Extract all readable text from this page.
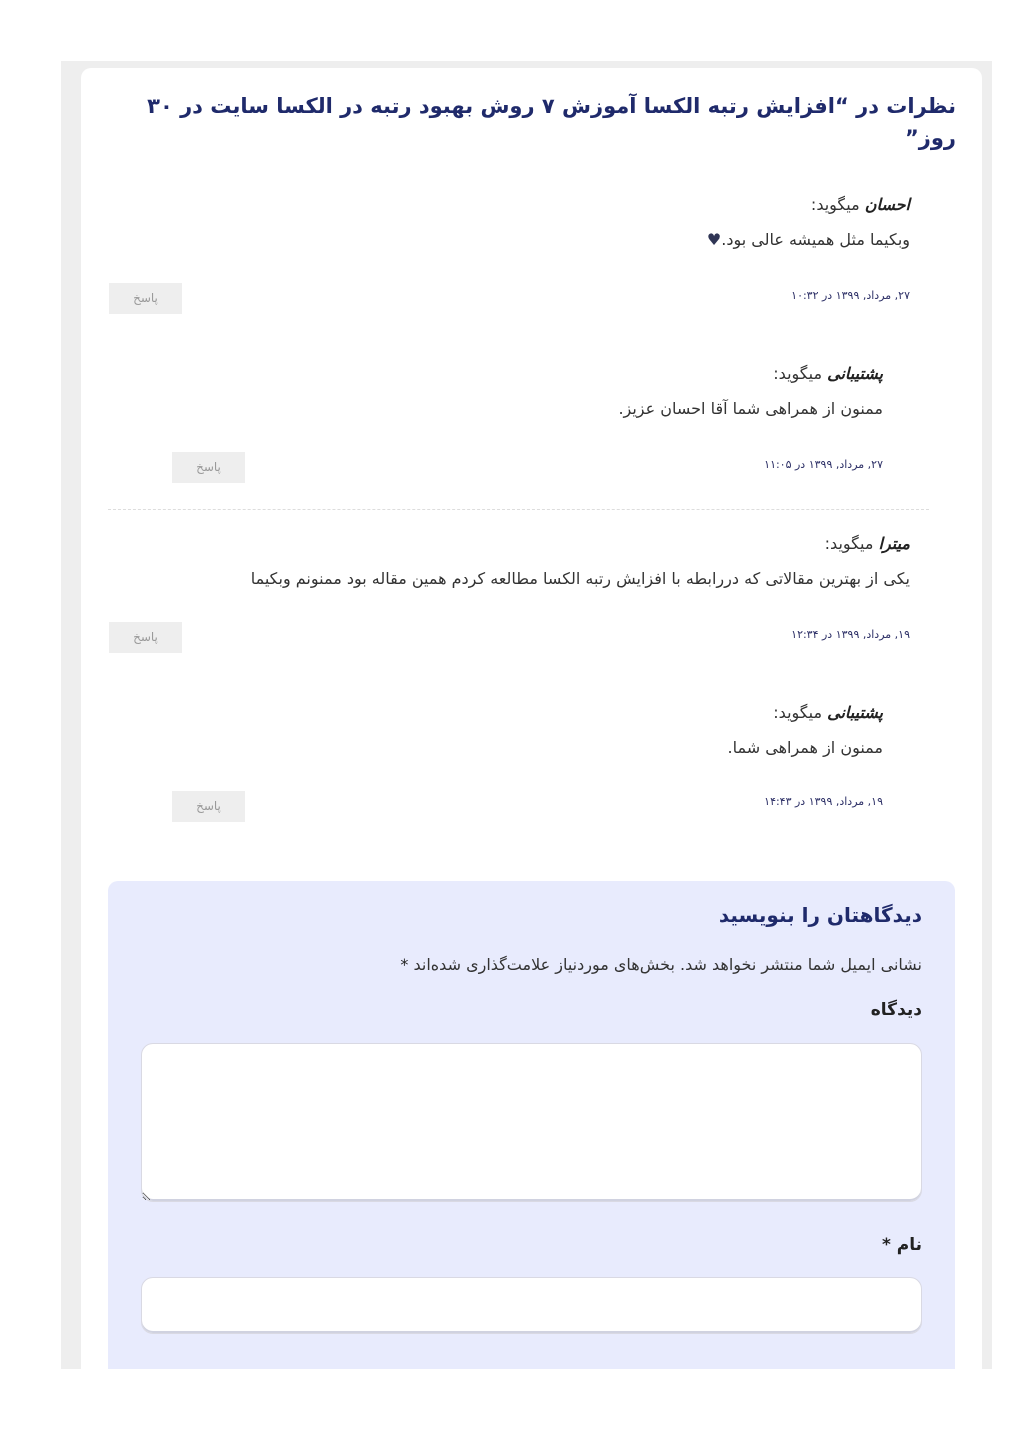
نظرات در “افزایش رتبه الکسا آموزش ۷ روش بهبود رتبه در الکسا سایت در ۳۰ روز”
احسان میگوید:
وبکیما مثل همیشه عالی بود.♥
۲۷, مرداد, ۱۳۹۹ در ۱۰:۳۲
پاسخ
پشتیبانی میگوید:
ممنون از همراهی شما آقا احسان عزیز.
۲۷, مرداد, ۱۳۹۹ در ۱۱:۰۵
پاسخ
میترا میگوید:
یکی از بهترین مقالاتی که دررابطه با افزایش رتبه الکسا مطالعه کردم همین مقاله بود ممنونم وبکیما
۱۹, مرداد, ۱۳۹۹ در ۱۲:۳۴
پاسخ
پشتیبانی میگوید:
ممنون از همراهی شما.
۱۹, مرداد, ۱۳۹۹ در ۱۴:۴۳
پاسخ
دیدگاهتان را بنویسید

نشانی ایمیل شما منتشر نخواهد شد. بخش‌های موردنیاز علامت‌گذاری شده‌اند *

دیدگاه
نام *
